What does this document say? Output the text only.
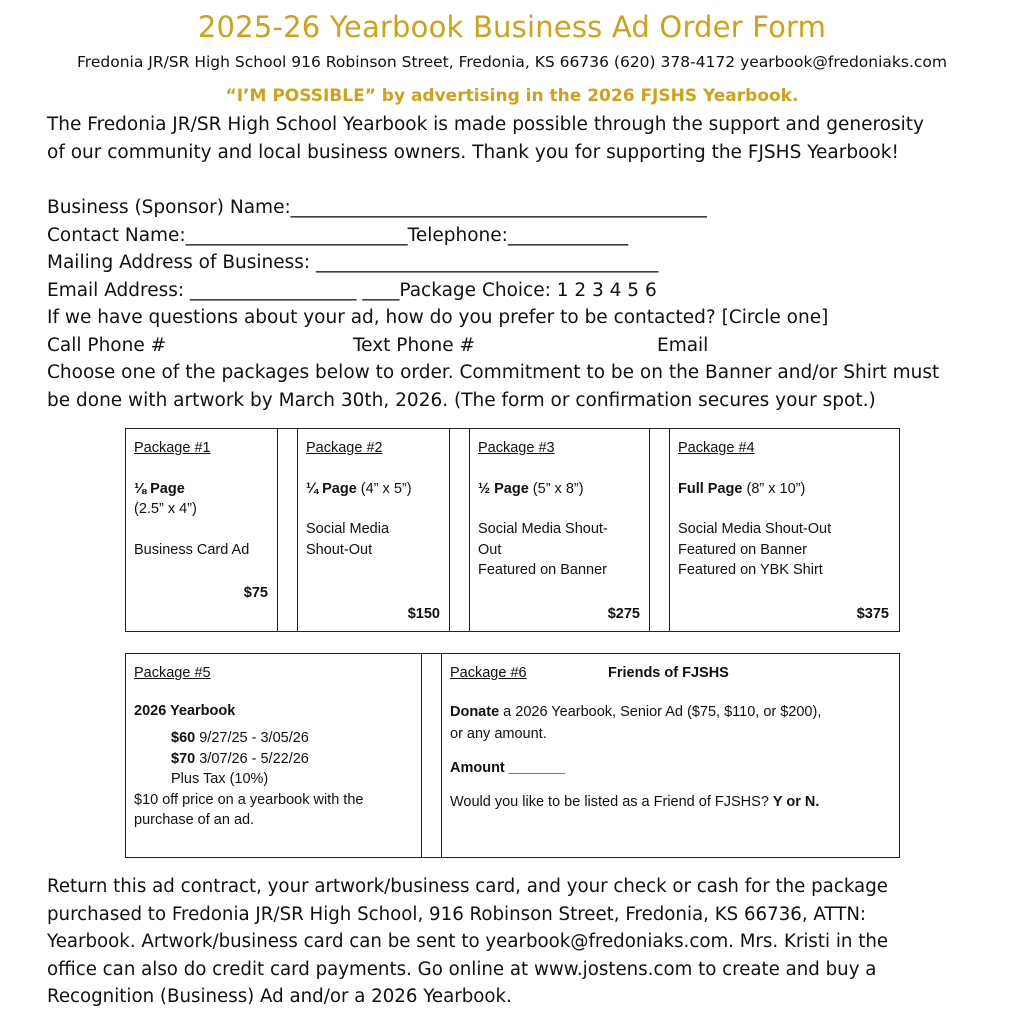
2025-26 Yearbook Business Ad Order Form
Fredonia JR/SR High School 916 Robinson Street, Fredonia, KS 66736 (620) 378-4172 yearbook@fredoniaks.com
“I’M POSSIBLE” by advertising in the 2026 FJSHS Yearbook.
The Fredonia JR/SR High School Yearbook is made possible through the support and generosity
of our community and local business owners. Thank you for supporting the FJSHS Yearbook!
Business (Sponsor) Name:_____________________________________________
Contact Name:________________________Telephone:_____________
Mailing Address of Business: _____________________________________
Email Address: __________________ ____Package Choice: 1 2 3 4 5 6
If we have questions about your ad, how do you prefer to be contacted? [Circle one]
Call Phone #	Text Phone #	Email
Choose one of the packages below to order. Commitment to be on the Banner and/or Shirt must
be done with artwork by March 30th, 2026. (The form or confirmation secures your spot.)
Package #1
⅛ Page
(2.5” x 4”)
Business Card Ad
$75
Package #2
¼ Page (4” x 5”)
Social Media
Shout-Out
$150
Package #3
½ Page (5” x 8”)
Social Media Shout-
Out
Featured on Banner
$275
Package #4
Full Page (8” x 10”)
Social Media Shout-Out
Featured on Banner
Featured on YBK Shirt
$375
Package #5
2026 Yearbook
$60 9/27/25 - 3/05/26
$70 3/07/26 - 5/22/26
Plus Tax (10%)
$10 off price on a yearbook with the
purchase of an ad.
Package #6	Friends of FJSHS
Donate a 2026 Yearbook, Senior Ad ($75, $110, or $200),
or any amount.
Amount _______
Would you like to be listed as a Friend of FJSHS? Y or N.
Return this ad contract, your artwork/business card, and your check or cash for the package
purchased to Fredonia JR/SR High School, 916 Robinson Street, Fredonia, KS 66736, ATTN:
Yearbook. Artwork/business card can be sent to yearbook@fredoniaks.com. Mrs. Kristi in the
office can also do credit card payments. Go online at www.jostens.com to create and buy a
Recognition (Business) Ad and/or a 2026 Yearbook.
